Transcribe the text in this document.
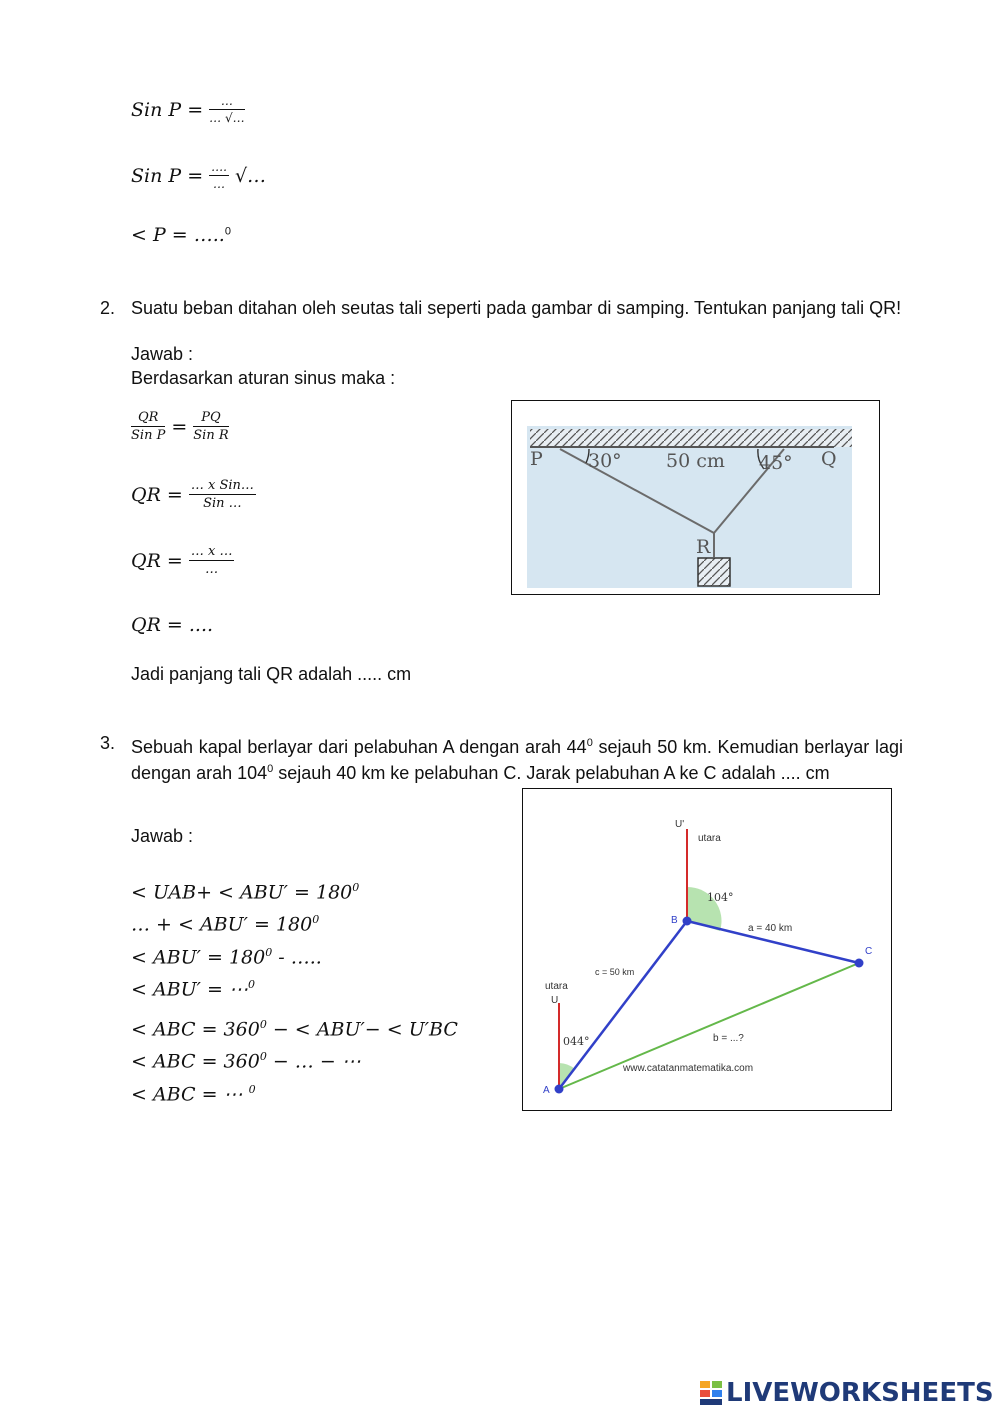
Sin $P = \frac{\dots}{\dots √\dots}$
Sin $P = \frac{\dots.}{\dots}$ √…
< P = …..$^0$
2. Suatu beban ditahan oleh seutas tali seperti pada gambar di samping. Tentukan panjang tali QR!
Jawab :
Berdasarkan aturan sinus maka :
$\frac{QR}{\text{Sin P}} = \frac{PQ}{\text{Sin R}}$
QR = $\frac{\text{… x Sin…}}{\text{Sin …}}$
QR = $\frac{\dots x \dots}{\dots}$
QR = ....
Jadi panjang tali QR adalah ..... cm
P 30° 50 cm 45° Q
R
3. Sebuah kapal berlayar dari pelabuhan A dengan arah $44^0$ sejauh 50 km. Kemudian berlayar lagi dengan arah $104^0$ sejauh 40 km ke pelabuhan C. Jarak pelabuhan A ke C adalah .... cm
Jawab :
< $UAB+ < ABU' = 180^0$
… + < $ABU' = 180^0$
< $ABU' = 180^0$ - …..
< ABU′ = ⋯$^0$
< ABC = $360^0$ − < ABU′− < U′BC
< ABC = $360^0$ − … − ⋯
< ABC = ⋯ $^0$
U'
utara
104°
B
a = 40 km
C
c = 50 km
utara
U
044°	b = ...?
www.catatanmatematika.com
A
LIVEWORKSHEETS
